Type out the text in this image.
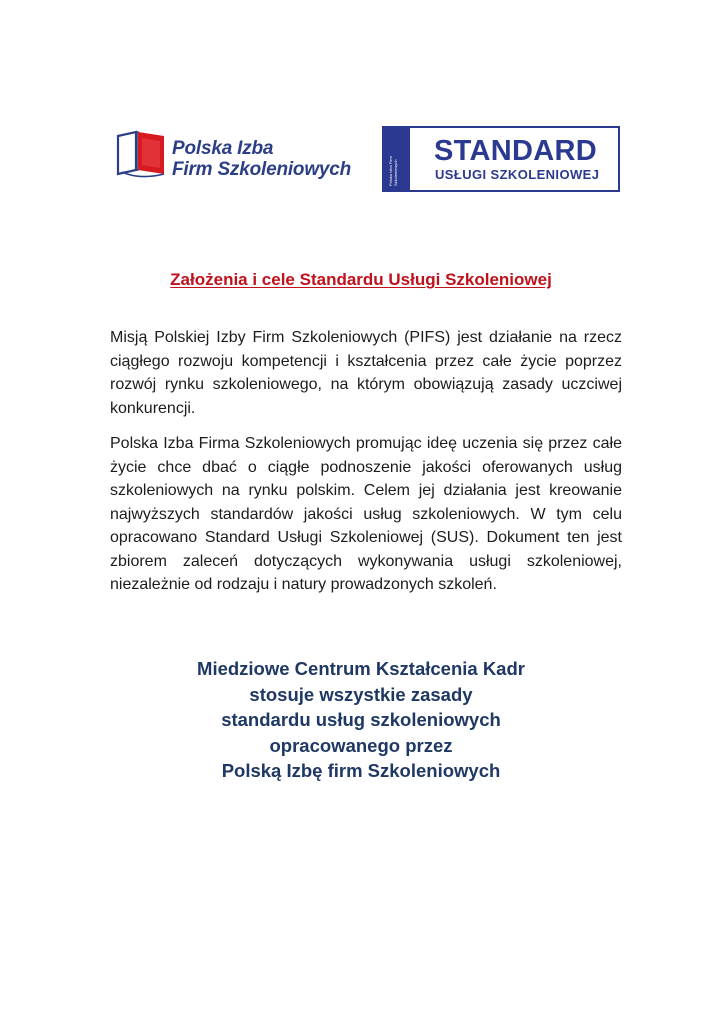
Polska Izba
Firm Szkoleniowych	Polska Izba Firm Szkoleniowych
STANDARD
USŁUGI SZKOLENIOWEJ
Założenia i cele Standardu Usługi Szkoleniowej

Misją Polskiej Izby Firm Szkoleniowych (PIFS) jest działanie na rzecz ciągłego rozwoju kompetencji i kształcenia przez całe życie poprzez rozwój rynku szkoleniowego, na którym obowiązują zasady uczciwej konkurencji.

Polska Izba Firma Szkoleniowych promując ideę uczenia się przez całe życie chce dbać o ciągłe podnoszenie jakości oferowanych usług szkoleniowych na rynku polskim. Celem jej działania jest kreowanie najwyższych standardów jakości usług szkoleniowych. W tym celu opracowano Standard Usługi Szkoleniowej (SUS). Dokument ten jest zbiorem zaleceń dotyczących wykonywania usługi szkoleniowej, niezależnie od rodzaju i natury prowadzonych szkoleń.

Miedziowe Centrum Kształcenia Kadr
stosuje wszystkie zasady
standardu usług szkoleniowych
opracowanego przez
Polską Izbę firm Szkoleniowych
